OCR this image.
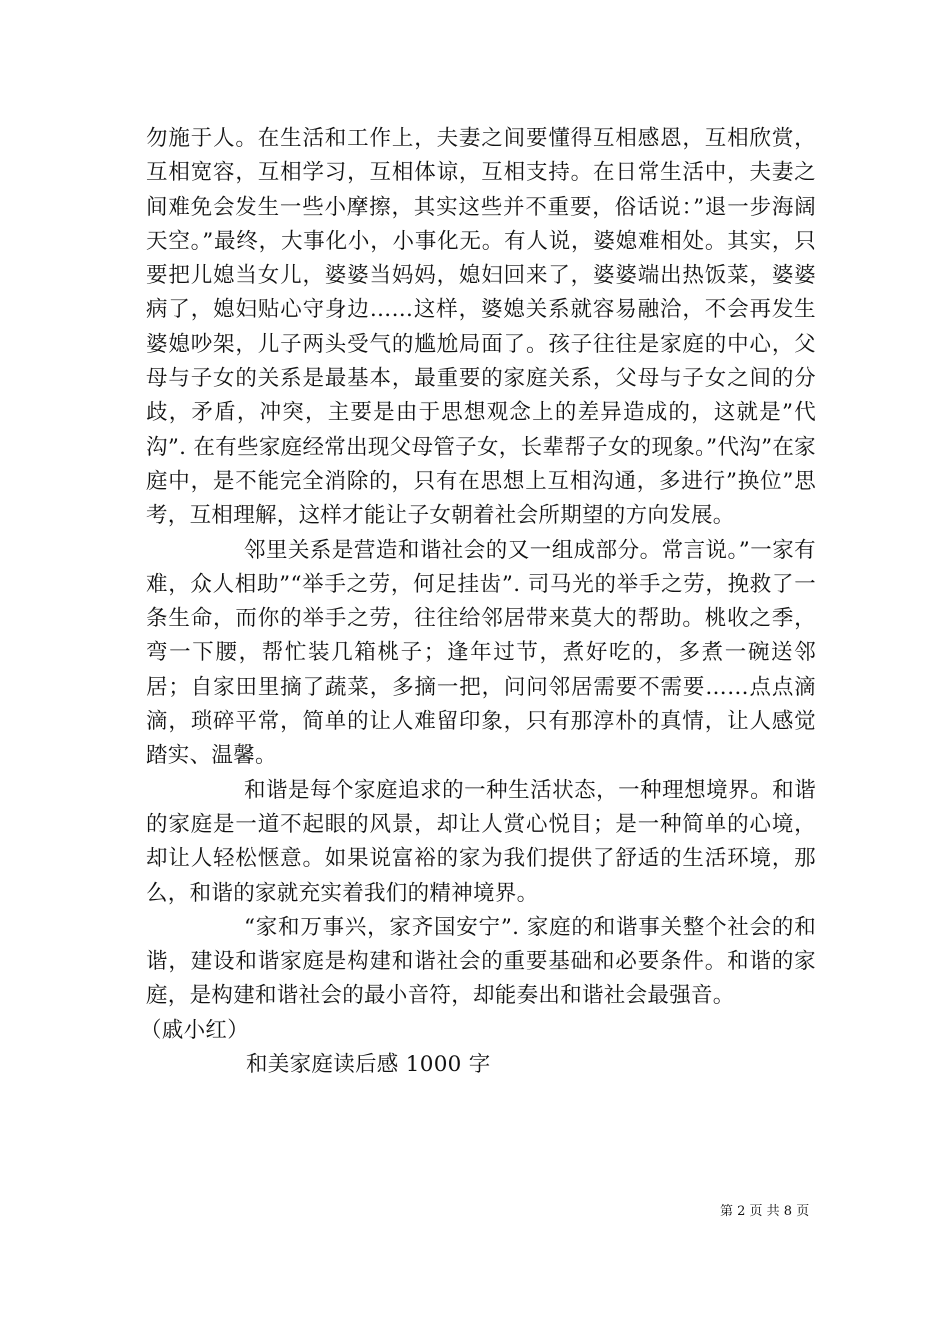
勿施于人。在生活和工作上，夫妻之间要懂得互相感恩，互相欣赏，互相宽容，互相学习，互相体谅，互相支持。在日常生活中，夫妻之间难免会发生一些小摩擦，其实这些并不重要，俗话说：”退一步海阔天空。”最终，大事化小，小事化无。有人说，婆媳难相处。其实，只要把儿媳当女儿，婆婆当妈妈，媳妇回来了，婆婆端出热饭菜，婆婆病了，媳妇贴心守身边……这样，婆媳关系就容易融洽，不会再发生婆媳吵架，儿子两头受气的尴尬局面了。孩子往往是家庭的中心，父母与子女的关系是最基本，最重要的家庭关系，父母与子女之间的分歧，矛盾，冲突，主要是由于思想观念上的差异造成的，这就是”代沟”. 在有些家庭经常出现父母管子女，长辈帮子女的现象。”代沟”在家庭中，是不能完全消除的，只有在思想上互相沟通，多进行”换位”思考，互相理解，这样才能让子女朝着社会所期望的方向发展。

邻里关系是营造和谐社会的又一组成部分。常言说。”一家有难，众人相助”“举手之劳，何足挂齿”. 司马光的举手之劳，挽救了一条生命，而你的举手之劳，往往给邻居带来莫大的帮助。桃收之季，弯一下腰，帮忙装几箱桃子；逢年过节，煮好吃的，多煮一碗送邻居；自家田里摘了蔬菜，多摘一把，问问邻居需要不需要……点点滴滴，琐碎平常，简单的让人难留印象，只有那淳朴的真情，让人感觉踏实、温馨。

和谐是每个家庭追求的一种生活状态，一种理想境界。和谐的家庭是一道不起眼的风景，却让人赏心悦目；是一种简单的心境，却让人轻松惬意。如果说富裕的家为我们提供了舒适的生活环境，那么，和谐的家就充实着我们的精神境界。

“家和万事兴，家齐国安宁”. 家庭的和谐事关整个社会的和谐，建设和谐家庭是构建和谐社会的重要基础和必要条件。和谐的家庭，是构建和谐社会的最小音符，却能奏出和谐社会最强音。

（戚小红）

和美家庭读后感 1000 字

第 2 页 共 8 页
